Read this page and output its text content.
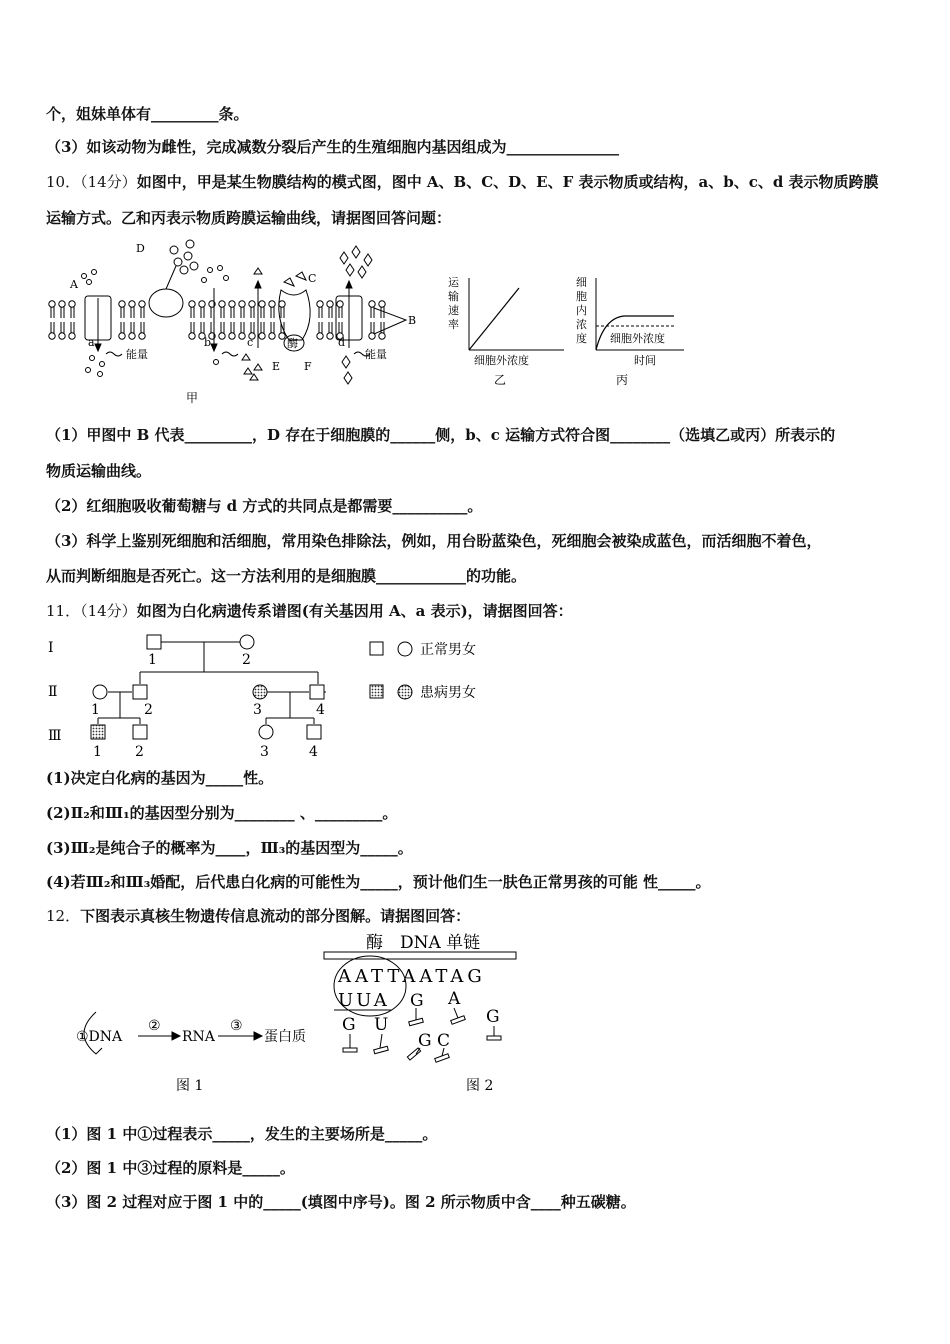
个，姐妹单体有_________条。
（3）如该动物为雌性，完成减数分裂后产生的生殖细胞内基因组成为_______________
10．（14分）如图中，甲是某生物膜结构的模式图，图中 A、B、C、D、E、F 表示物质或结构，a、b、c、d 表示物质跨膜
运输方式。乙和丙表示物质跨膜运输曲线，请据图回答问题：
A
D
C
B
E F
a	b	c	d
能量	能量
酶
甲
运
输
速
率
细胞外浓度
乙
细
胞
内
浓
度 细胞外浓度
时间
丙
（1）甲图中 B 代表_________，D 存在于细胞膜的______侧，b、c 运输方式符合图________（选填乙或丙）所表示的
物质运输曲线。
（2）红细胞吸收葡萄糖与 d 方式的共同点是都需要__________。
（3）科学上鉴别死细胞和活细胞，常用染色排除法，例如，用台盼蓝染色，死细胞会被染成蓝色，而活细胞不着色，
从而判断细胞是否死亡。这一方法利用的是细胞膜____________的功能。
11．（14分）如图为白化病遗传系谱图(有关基因用 A、a 表示)，请据图回答：
Ⅰ
Ⅱ
Ⅲ
1	2
1	2	3	4
1 2	3	4
正常男女
患病男女
(1)决定白化病的基因为_____性。
(2)Ⅱ₂和Ⅲ₁的基因型分别为________ 、_________。
(3)Ⅲ₂是纯合子的概率为____，Ⅲ₃的基因型为_____。
(4)若Ⅲ₂和Ⅲ₃婚配，后代患白化病的可能性为_____，预计他们生一肤色正常男孩的可能 性_____。
12．下图表示真核生物遗传信息流动的部分图解。请据图回答：
①DNA
②
RNA
③
蛋白质
酶　DNA 单链
AATTAATAG
UUA G A
G	G
U
G C
图 1	图 2
（1）图 1 中①过程表示_____，发生的主要场所是_____。
（2）图 1 中③过程的原料是_____。
（3）图 2 过程对应于图 1 中的_____(填图中序号)。图 2 所示物质中含____种五碳糖。
